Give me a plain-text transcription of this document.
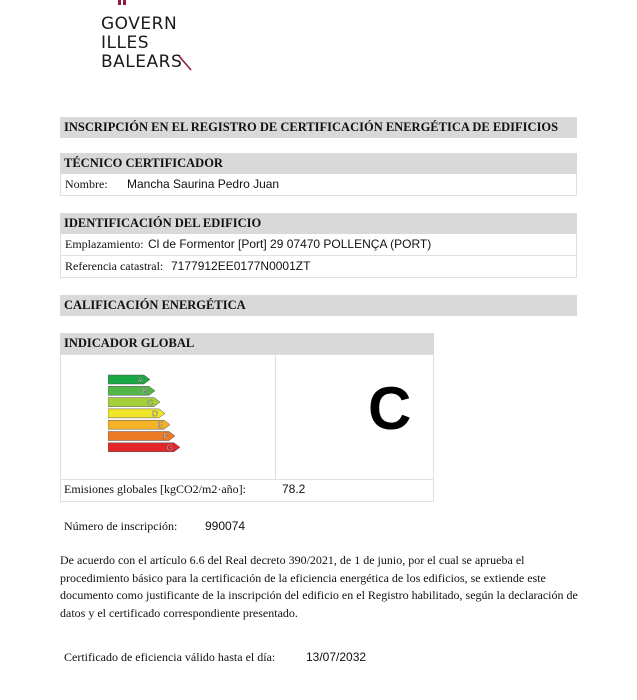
GOVERN
ILLES
BALEARS
INSCRIPCIÓN EN EL REGISTRO DE CERTIFICACIÓN ENERGÉTICA DE EDIFICIOS
TÉCNICO CERTIFICADOR
Nombre: Mancha Saurina Pedro Juan
IDENTIFICACIÓN DEL EDIFICIO
Emplazamiento: Cl de Formentor [Port] 29 07470 POLLENÇA (PORT)
Referencia catastral: 7177912EE0177N0001ZT
CALIFICACIÓN ENERGÉTICA
INDICADOR GLOBAL
A
B
C
D
E
F
G
C
Emisiones globales [kgCO2/m2·año]:	78.2
Número de inscripción: 990074
De acuerdo con el artículo 6.6 del Real decreto 390/2021, de 1 de junio, por el cual se aprueba el procedimiento básico para la certificación de la eficiencia energética de los edificios, se extiende este documento como justificante de la inscripción del edificio en el Registro habilitado, según la declaración de datos y el certificado correspondiente presentado.
Certificado de eficiencia válido hasta el día:	13/07/2032
